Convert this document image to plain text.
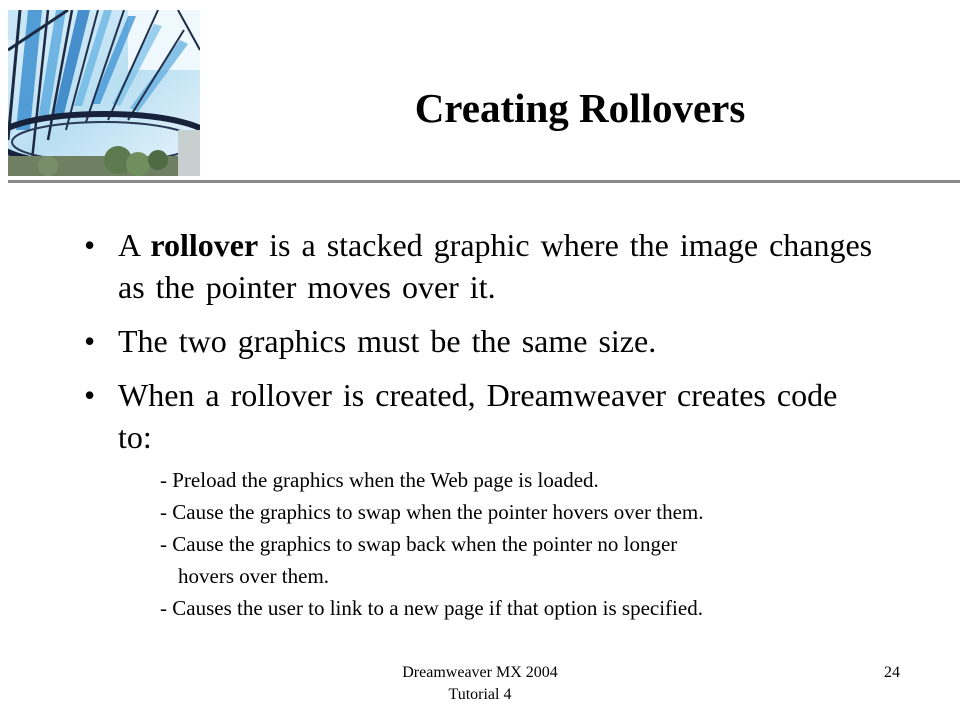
Creating Rollovers
• A rollover is a stacked graphic where the image changes as the pointer moves over it.
• The two graphics must be the same size.
• When a rollover is created, Dreamweaver creates code to:
- Preload the graphics when the Web page is loaded.
- Cause the graphics to swap when the pointer hovers over them.
- Cause the graphics to swap back when the pointer no longer
hovers over them.
- Causes the user to link to a new page if that option is specified.
Dreamweaver MX 2004
Tutorial 4
24
